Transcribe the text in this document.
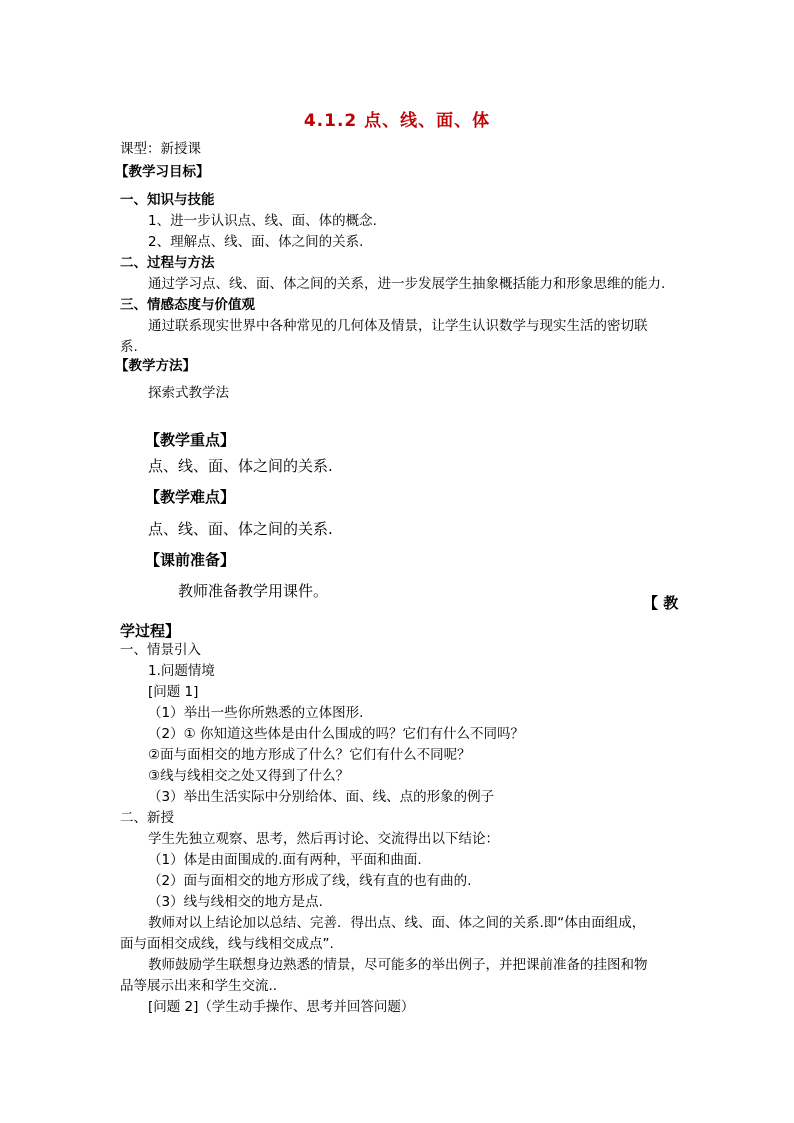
4.1.2 点、线、面、体
课型：新授课
【教学习目标】
一、知识与技能
1、进一步认识点、线、面、体的概念.
2、理解点、线、面、体之间的关系.
二、过程与方法
通过学习点、线、面、体之间的关系，进一步发展学生抽象概括能力和形象思维的能力.
三、情感态度与价值观
通过联系现实世界中各种常见的几何体及情景，让学生认识数学与现实生活的密切联
系.
【教学方法】
探索式教学法
【教学重点】
点、线、面、体之间的关系.
【教学难点】
点、线、面、体之间的关系.
【课前准备】
教师准备教学用课件。
【 教
学过程】
一、情景引入
1.问题情境
[问题 1]
（1）举出一些你所熟悉的立体图形.
（2）① 你知道这些体是由什么围成的吗？它们有什么不同吗？
②面与面相交的地方形成了什么？它们有什么不同呢？
③线与线相交之处又得到了什么？
（3）举出生活实际中分别给体、面、线、点的形象的例子
二、新授
学生先独立观察、思考，然后再讨论、交流得出以下结论：
（1）体是由面围成的.面有两种，平面和曲面.
（2）面与面相交的地方形成了线，线有直的也有曲的.
（3）线与线相交的地方是点.
教师对以上结论加以总结、完善．得出点、线、面、体之间的关系.即“体由面组成，
面与面相交成线，线与线相交成点”.
教师鼓励学生联想身边熟悉的情景，尽可能多的举出例子，并把课前准备的挂图和物
品等展示出来和学生交流..
[问题 2]（学生动手操作、思考并回答问题）
